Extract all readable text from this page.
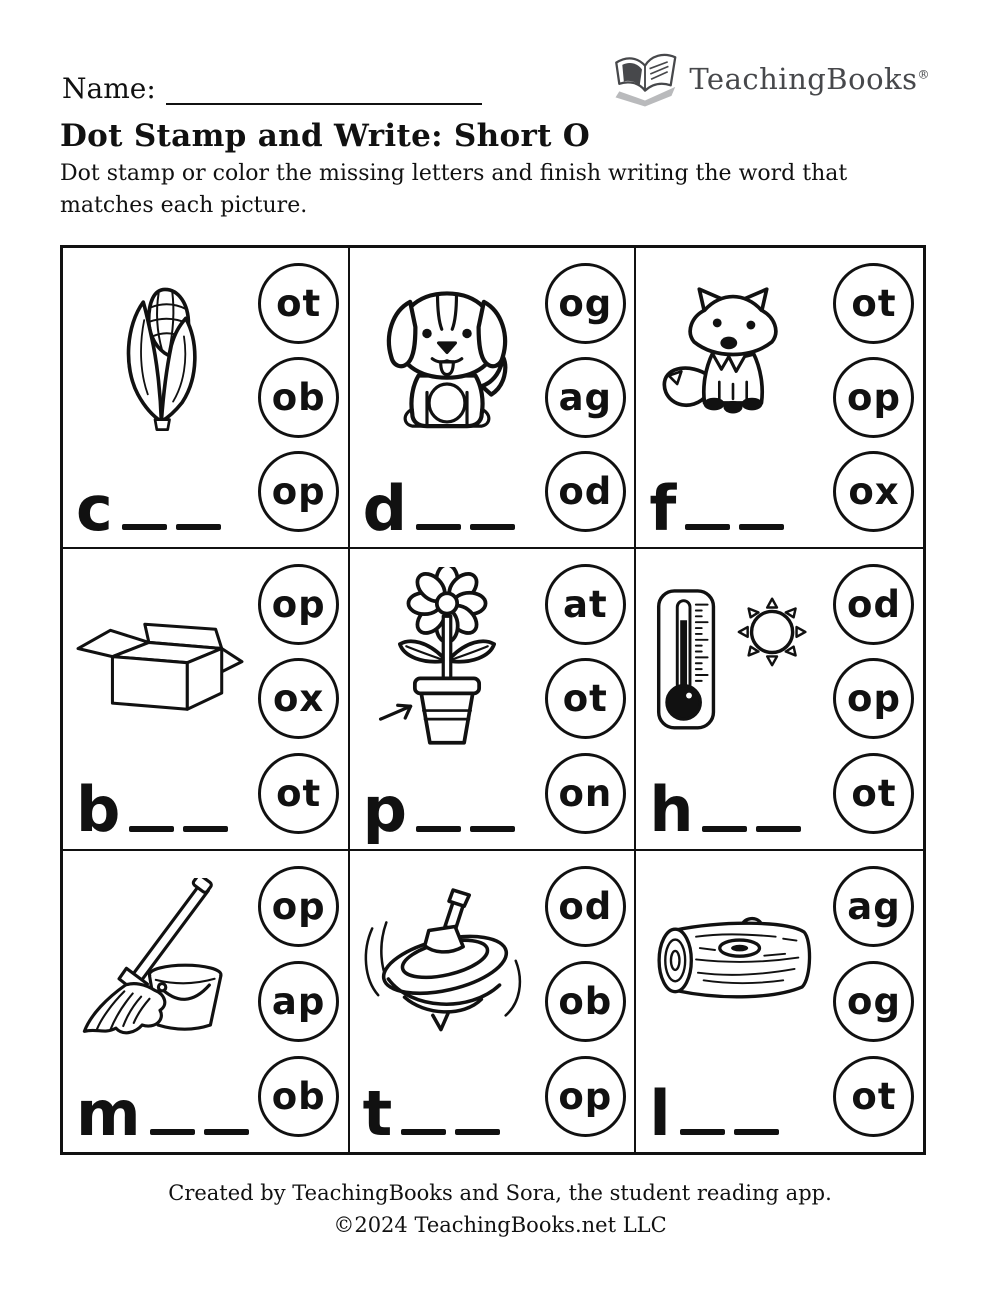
Name:	TeachingBooks®
Dot Stamp and Write: Short O
Dot stamp or color the missing letters and finish writing the word that matches each picture.
c
ot
ob
op d
og
ag
od f
ot
op
ox
b
op
ox
ot p
at
ot
on h
od
op
ot
m
op
ap
ob t
od
ob
op l
ag
og
ot
Created by TeachingBooks and Sora, the student reading app.
©2024 TeachingBooks.net LLC
